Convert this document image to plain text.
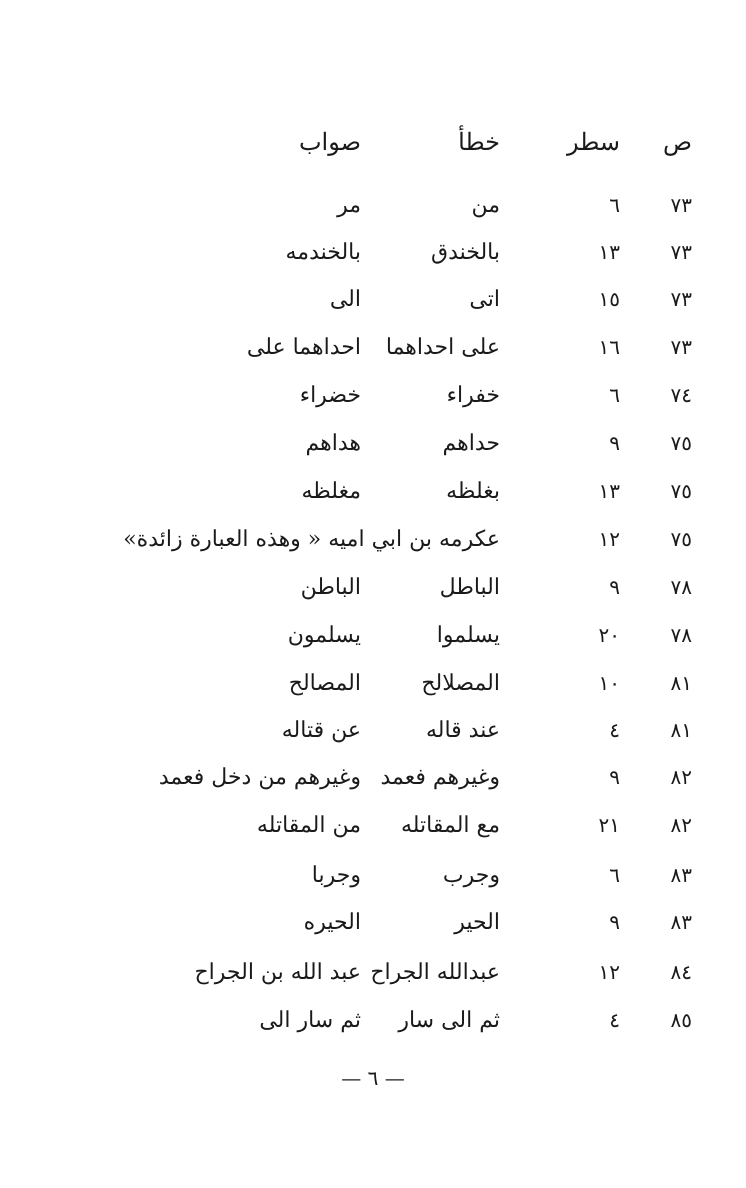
ص
سطر
خطأ
صواب
٧٣
٦
من
مر
٧٣
١٣
بالخندق
بالخندمه
٧٣
١٥
اتى
الى
٧٣
١٦
على احداهما
احداهما على
٧٤
٦
خفراء
خضراء
٧٥
٩
حداهم
هداهم
٧٥
١٣
بغلظه
مغلظه
٧٥
١٢
عكرمه بن ابي اميه « وهذه العبارة زائدة»
٧٨
٩
الباطل
الباطن
٧٨
٢٠
يسلموا
يسلمون
٨١
١٠
المصلالح
المصالح
٨١
٤
عند قاله
عن قتاله
٨٢
٩
وغيرهم فعمد
وغيرهم من دخل فعمد
٨٢
٢١
مع المقاتله
من المقاتله
٨٣
٦
وجرب
وجربا
٨٣
٩
الحير
الحيره
٨٤
١٢
عبدالله الجراح
عبد الله بن الجراح
٨٥
٤
ثم الى سار
ثم سار الى
— ٦ —
